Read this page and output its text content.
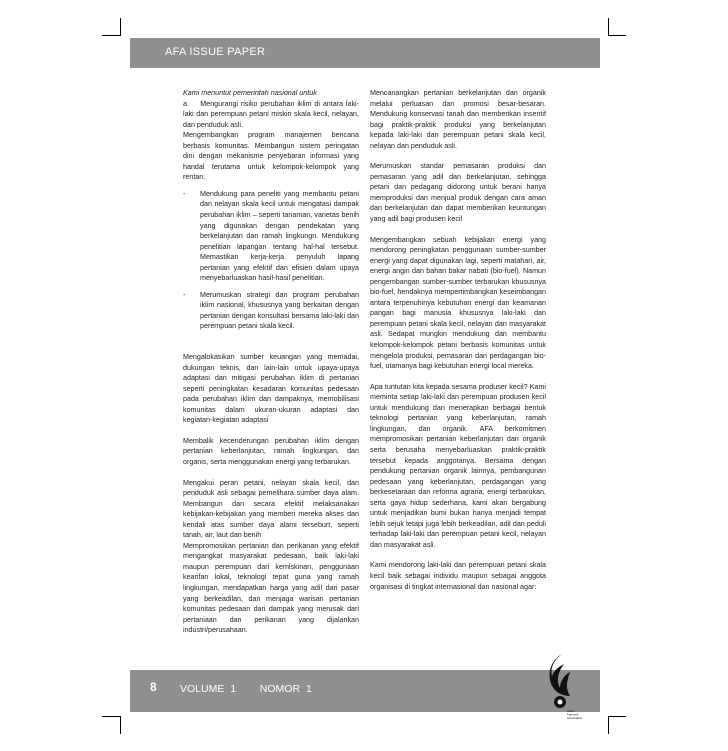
AFA ISSUE PAPER

Kami menuntut pemerintah nasional untuk

a.    Mengurangi risiko perubahan iklim di antara laki-laki dan perempuan petani miskin skala kecil, nelayan, dan penduduk asli.

Mengembangkan program manajemen bencana berbasis komunitas. Membangun sistem peringatan dini dengan mekanisme penyebaran informasi yang handal terutama untuk kelompok-kelompok yang rentan.

-	Mendukung para peneliti yang membantu petani dan nelayan skala kecil untuk mengatasi dampak perubahan iklim – seperti tanaman, varietas benih yang digunakan dengan pendekatan yang berkelanjutan dan ramah lingkungn. Mendukung penelitian lapangan tentang hal-hal tersebut. Memastikan kerja-kerja penyuluh lapang pertanian yang efektif dan efisien dalam upaya menyebarluaskan hasil-hasil penelitian.
-	Merumuskan strategi dan program perubahan iklim nasional, khususnya yang berkaitan dengan pertanian dengan konsultasi bersama laki-laki dan perempuan petani skala kecil.

Mengalokasikan sumber keuangan yang memadai, dukungan teknis, dan lain-lain untuk upaya-upaya adaptasi dan mitigasi perubahan iklim di pertanian seperti peningkatan kesadaran komunitas pedesaan pada perubahan iklim dan dampaknya, memobilisasi komunitas dalam ukuran-ukuran adaptasi dan kegiatan-kegiatan adaptasi

Membalik kecenderungan perubahan iklim dengan pertanian keberlanjutan, ramah lingkungan, dan organis, serta menggunakan energi yang terbarukan.

Mengakui peran petani, nelayan skala kecil, dan penduduk asli sebagai pemelihara sumber daya alam. Membangun dan secara efektif melaksanakan kebijakan-kebijakan yang memberi mereka akses dan kendali atas sumber daya alami terseburt, seperti tanah, air, laut dan benih

Mempromosikan pertanian dan perikanan yang efektif mengangkat masyarakat pedesaan, baik laki-laki maupun perempuan dari kemiskinan, penggunaan kearifan lokal, teknologi tepat guna yang ramah lingkungan, mendapatkan harga yang adil dari pasar yang berkeadilan, dan menjaga warisan pertanian komunitas pedesaan dari dampak yang merusak dari pertaniaan dan perikanan yang dijalankan industri/perusahaan.

Mencanangkan pertanian berkelanjutan dan organik melalui perluasan dan promosi besar-besaran. Mendukung konservasi tanah dan memberikan insentif bagi praktik-praktik produksi yang berkelanjutan kepada laki-laki dan perempuan petani skala kecil, nelayan dan penduduk asli.

Merumuskan standar pemasaran produksi dan pemasaran yang adil dan berkelanjutan, sehingga petani dan pedagang didorong untuk berani hanya memproduksi dan menjual produk dengan cara aman dan berkelanjutan dan dapat memberikan keuntungan yang adil bagi produsen kecil

Mengembangkan sebuah kebijakan energi yang mendorong peningkatan penggunaan sumber-sumber energi yang dapat digunakan lagi, seperti matahari, air, energi angin dan bahan bakar nabati (bio-fuel). Namun pengembangan sumber-sumber terbarukan khususnya bio-fuel, hendaknya mempertimbangkan keseimbangan antara terpenuhinya kebutuhan energi dan keamanan pangan bagi manusia khususnya laki-laki dan perempuan petani skala kecil, nelayan dan masyarakat asli. Sedapat mungkin mendukung dan membantu kelompok-kelompok petani berbasis komunitas untuk mengelola produksi, pemasaran dan perdagangan bio-fuel, utamanya bagi kebutuhan energi local mereka.

Apa tuntutan kita kepada sesama produser kecil? Kami meminta setiap laki-laki dan perempuan produsen kecil untuk mendukung dan menerapkan berbagai bentuk teknologi pertanian yang keberlanjutan, ramah lingkungan, dan organik. AFA berkomitmen mempromosikan pertanian keberlanjutan dan organik serta berusaha menyebarluaskan praktik-praktik tersebut kepada anggotanya. Bersama dengan pendukung pertanian organik lainnya, pembangunan pedesaan yang keberlanjutan, perdagangan yang berkesetaraan dan reforma agraria, energi terbarukan, serta gaya hidup sederhana, kami akan bergabung untuk menjadikan bumi bukan hanya menjadi tempat lebih sejuk tetapi juga lebih berkeadilan, adil dan peduli terhadap laki-laki dan perempuan petani kecil, nelayan dan masyarakat asli.

Kami mendorong laki-laki dan perempuan petani skala kecil baik sebagai individu maupun sebagai anggota organisasi di tingkat internasional dan nasional agar:

8 VOLUME 1 NOMOR 1
Asian
Farmers'
Association
